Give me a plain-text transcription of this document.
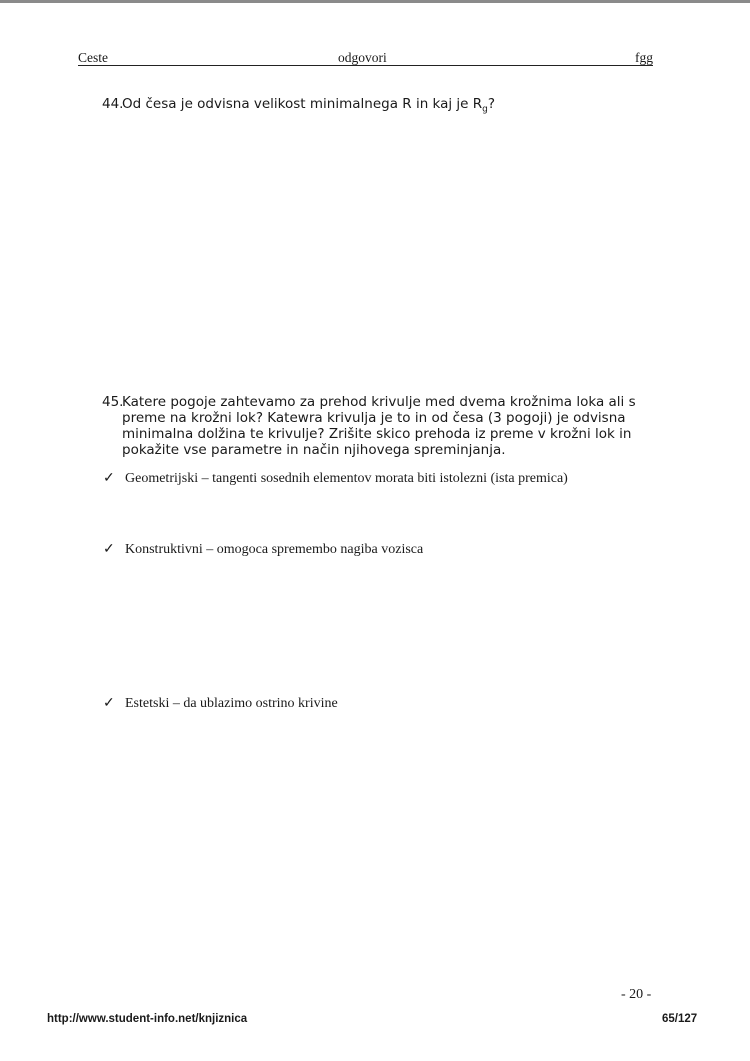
Ceste	odgovori	fgg
44.
Od česa je odvisna velikost minimalnega R in kaj je $R_g$?
45.
Katere pogoje zahtevamo za prehod krivulje med dvema krožnima loka ali s
preme na krožni lok? Katewra krivulja je to in od česa (3 pogoji) je odvisna
minimalna dolžina te krivulje? Zrišite skico prehoda iz preme v krožni lok in
pokažite vse parametre in način njihovega spreminjanja.
✓ Geometrijski – tangenti sosednih elementov morata biti istolezni (ista premica)
✓ Konstruktivni – omogoca spremembo nagiba vozisca
✓ Estetski – da ublazimo ostrino krivine
- 20 -
http://www.student-info.net/knjiznica	65/127
